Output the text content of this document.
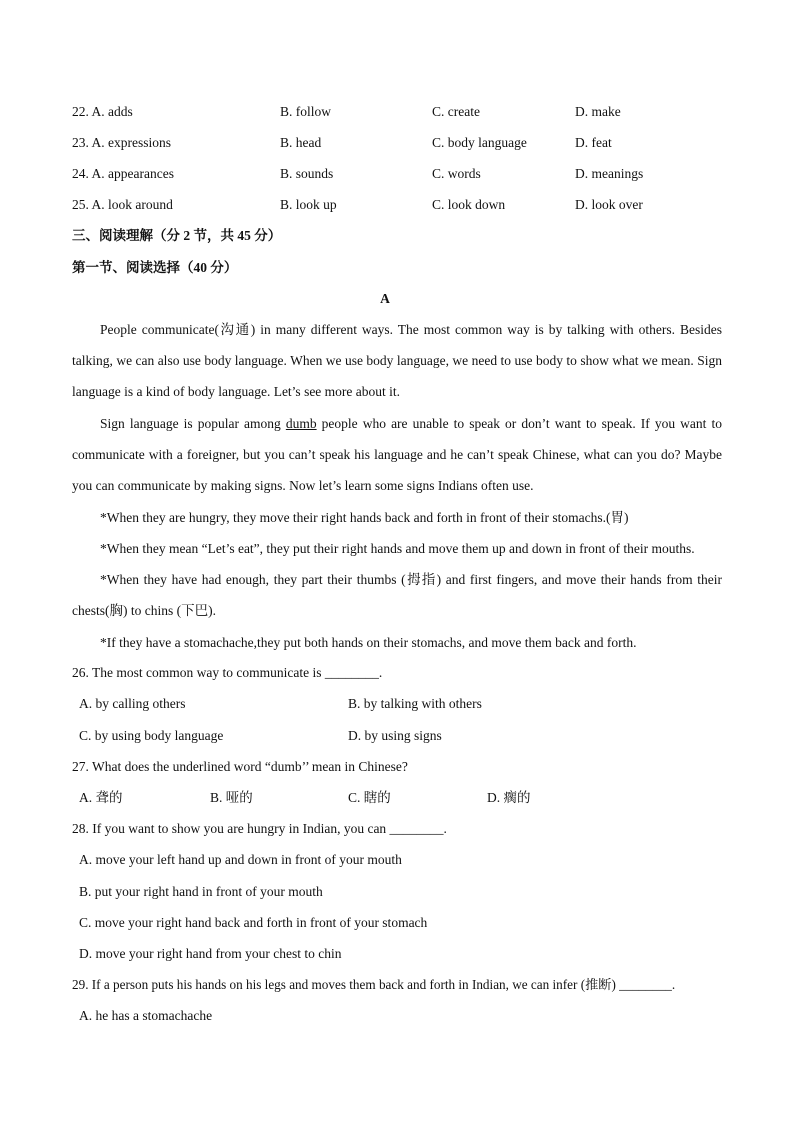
22. A. adds	B. follow	C. create	D. make
23. A. expressions	B. head	C. body language	D. feat
24. A. appearances	B. sounds	C. words	D. meanings
25. A. look around	B. look up	C. look down	D. look over
三、阅读理解（分 2 节，共 45 分）
第一节、阅读选择（40 分）
A
People communicate(沟通) in many different ways. The most common way is by talking with others. Besides talking, we can also use body language. When we use body language, we need to use body to show what we mean. Sign language is a kind of body language. Let’s see more about it.
Sign language is popular among dumb people who are unable to speak or don’t want to speak. If you want to communicate with a foreigner, but you can’t speak his language and he can’t speak Chinese, what can you do? Maybe you can communicate by making signs. Now let’s learn some signs Indians often use.
*When they are hungry, they move their right hands back and forth in front of their stomachs.(胃)
*When they mean “Let’s eat”, they put their right hands and move them up and down in front of their mouths.
*When they have had enough, they part their thumbs (拇指) and first fingers, and move their hands from their chests(胸) to chins (下巴).
*If they have a stomachache,they put both hands on their stomachs, and move them back and forth.
26. The most common way to communicate is ________.
A. by calling others	B. by talking with others
C. by using body language	D. by using signs
27. What does the underlined word “dumb’’ mean in Chinese?
A. 聋的	B. 哑的	C. 瞎的	D. 瘸的
28. If you want to show you are hungry in Indian, you can ________.
A. move your left hand up and down in front of your mouth
B. put your right hand in front of your mouth
C. move your right hand back and forth in front of your stomach
D. move your right hand from your chest to chin
29. If a person puts his hands on his legs and moves them back and forth in Indian, we can infer (推断) ________.
A. he has a stomachache
